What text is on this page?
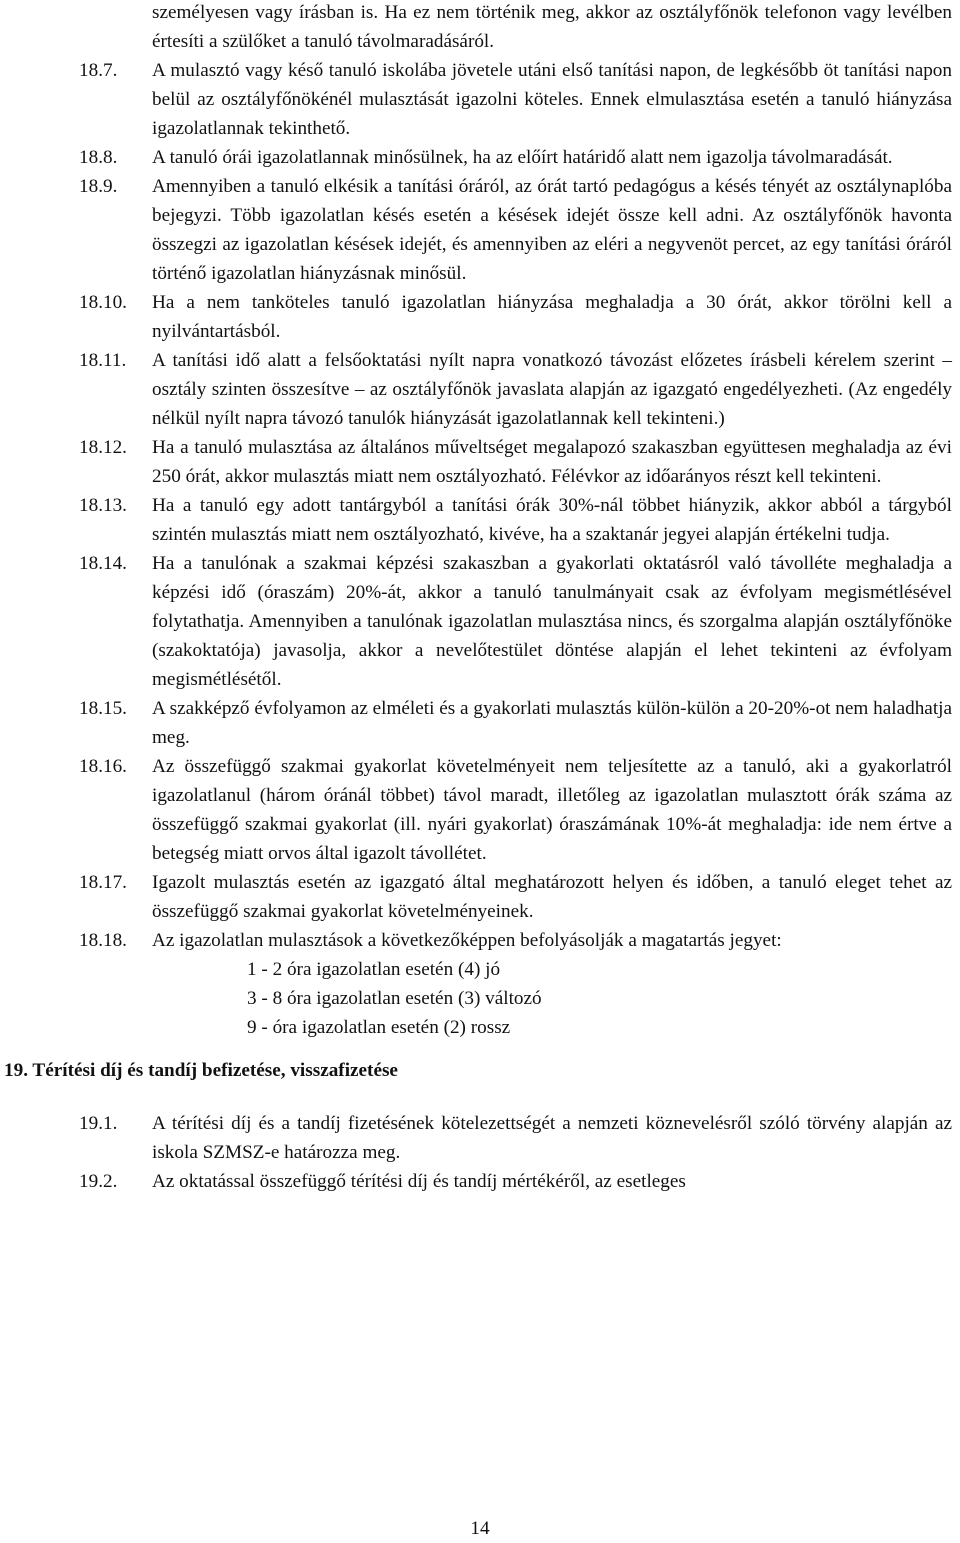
személyesen vagy írásban is. Ha ez nem történik meg, akkor az osztályfőnök telefonon vagy levélben értesíti a szülőket a tanuló távolmaradásáról.

18.7. A mulasztó vagy késő tanuló iskolába jövetele utáni első tanítási napon, de legkésőbb öt tanítási napon belül az osztályfőnökénél mulasztását igazolni köteles. Ennek elmulasztása esetén a tanuló hiányzása igazolatlannak tekinthető.
18.8. A tanuló órái igazolatlannak minősülnek, ha az előírt határidő alatt nem igazolja távolmaradását.
18.9. Amennyiben a tanuló elkésik a tanítási óráról, az órát tartó pedagógus a késés tényét az osztálynaplóba bejegyzi. Több igazolatlan késés esetén a késések idejét össze kell adni. Az osztályfőnök havonta összegzi az igazolatlan késések idejét, és amennyiben az eléri a negyvenöt percet, az egy tanítási óráról történő igazolatlan hiányzásnak minősül.
18.10. Ha a nem tanköteles tanuló igazolatlan hiányzása meghaladja a 30 órát, akkor törölni kell a nyilvántartásból.
18.11. A tanítási idő alatt a felsőoktatási nyílt napra vonatkozó távozást előzetes írásbeli kérelem szerint – osztály szinten összesítve – az osztályfőnök javaslata alapján az igazgató engedélyezheti. (Az engedély nélkül nyílt napra távozó tanulók hiányzását igazolatlannak kell tekinteni.)
18.12. Ha a tanuló mulasztása az általános műveltséget megalapozó szakaszban együttesen meghaladja az évi 250 órát, akkor mulasztás miatt nem osztályozható. Félévkor az időarányos részt kell tekinteni.
18.13. Ha a tanuló egy adott tantárgyból a tanítási órák 30%-nál többet hiányzik, akkor abból a tárgyból szintén mulasztás miatt nem osztályozható, kivéve, ha a szaktanár jegyei alapján értékelni tudja.
18.14. Ha a tanulónak a szakmai képzési szakaszban a gyakorlati oktatásról való távolléte meghaladja a képzési idő (óraszám) 20%-át, akkor a tanuló tanulmányait csak az évfolyam megismétlésével folytathatja. Amennyiben a tanulónak igazolatlan mulasztása nincs, és szorgalma alapján osztályfőnöke (szakoktatója) javasolja, akkor a nevelőtestület döntése alapján el lehet tekinteni az évfolyam megismétlésétől.
18.15. A szakképző évfolyamon az elméleti és a gyakorlati mulasztás külön-külön a 20-20%-ot nem haladhatja meg.
18.16. Az összefüggő szakmai gyakorlat követelményeit nem teljesítette az a tanuló, aki a gyakorlatról igazolatlanul (három óránál többet) távol maradt, illetőleg az igazolatlan mulasztott órák száma az összefüggő szakmai gyakorlat (ill. nyári gyakorlat) óraszámának 10%-át meghaladja: ide nem értve a betegség miatt orvos által igazolt távollétet.
18.17. Igazolt mulasztás esetén az igazgató által meghatározott helyen és időben, a tanuló eleget tehet az összefüggő szakmai gyakorlat követelményeinek.
18.18. Az igazolatlan mulasztások a következőképpen befolyásolják a magatartás jegyet:
1 - 2 óra igazolatlan esetén (4) jó
3 - 8 óra igazolatlan esetén (3) változó
9 - óra igazolatlan esetén (2) rossz
19. Térítési díj és tandíj befizetése, visszafizetése
19.1. A térítési díj és a tandíj fizetésének kötelezettségét a nemzeti köznevelésről szóló törvény alapján az iskola SZMSZ-e határozza meg.
19.2. Az oktatással összefüggő térítési díj és tandíj mértékéről, az esetleges
14
